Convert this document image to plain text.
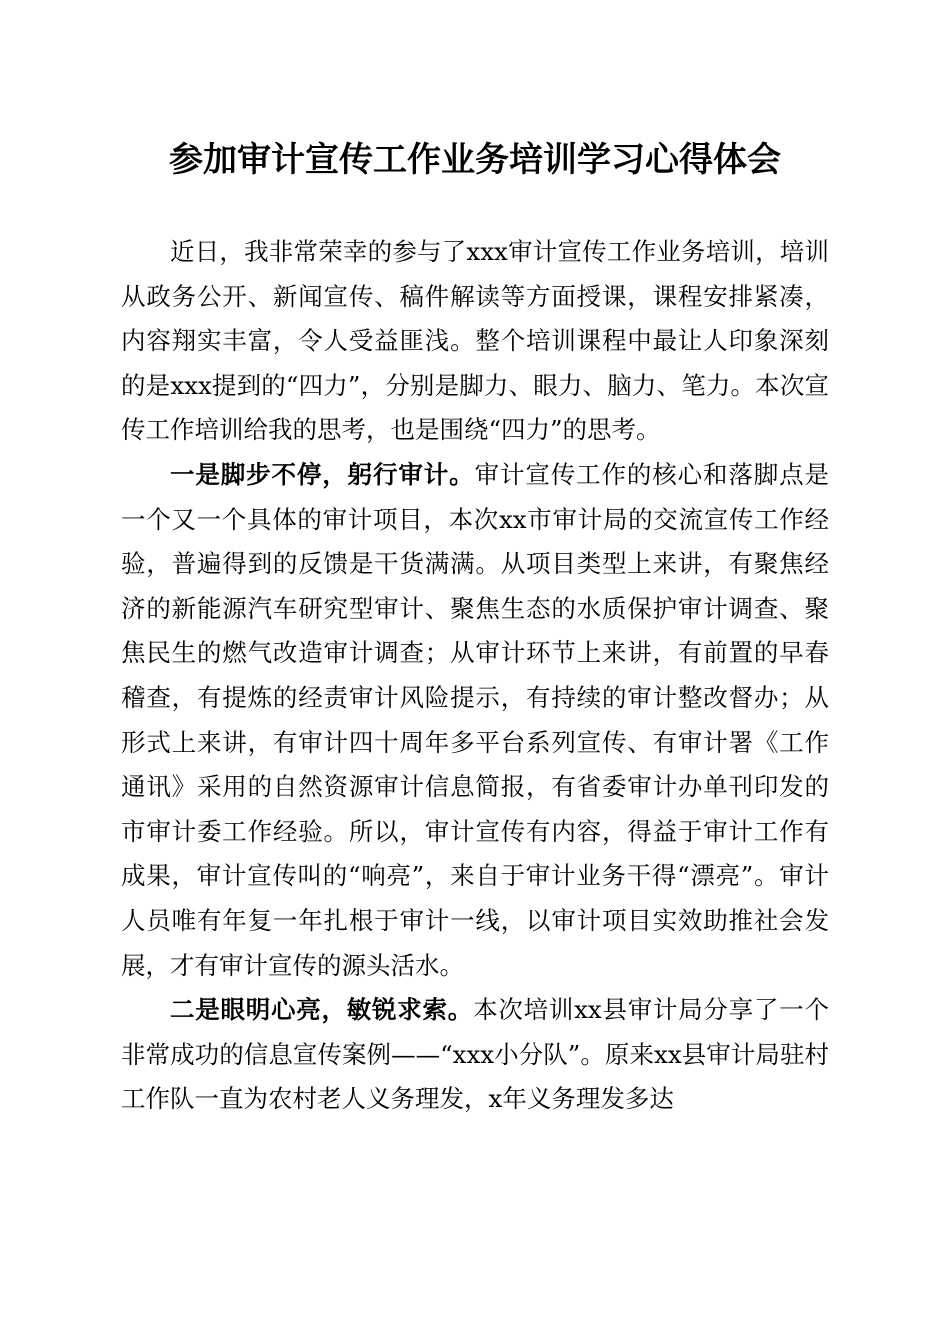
参加审计宣传工作业务培训学习心得体会

近日，我非常荣幸的参与了xxx审计宣传工作业务培训，培训从政务公开、新闻宣传、稿件解读等方面授课，课程安排紧凑，内容翔实丰富，令人受益匪浅。整个培训课程中最让人印象深刻的是xxx提到的“四力”，分别是脚力、眼力、脑力、笔力。本次宣传工作培训给我的思考，也是围绕“四力”的思考。

一是脚步不停，躬行审计。审计宣传工作的核心和落脚点是一个又一个具体的审计项目，本次xx市审计局的交流宣传工作经验，普遍得到的反馈是干货满满。从项目类型上来讲，有聚焦经济的新能源汽车研究型审计、聚焦生态的水质保护审计调查、聚焦民生的燃气改造审计调查；从审计环节上来讲，有前置的早春稽查，有提炼的经责审计风险提示，有持续的审计整改督办；从形式上来讲，有审计四十周年多平台系列宣传、有审计署《工作通讯》采用的自然资源审计信息简报，有省委审计办单刊印发的市审计委工作经验。所以，审计宣传有内容，得益于审计工作有成果，审计宣传叫的“响亮”，来自于审计业务干得“漂亮”。审计人员唯有年复一年扎根于审计一线，以审计项目实效助推社会发展，才有审计宣传的源头活水。

二是眼明心亮，敏锐求索。本次培训xx县审计局分享了一个非常成功的信息宣传案例——“xxx小分队”。原来xx县审计局驻村工作队一直为农村老人义务理发，x年义务理发多达
